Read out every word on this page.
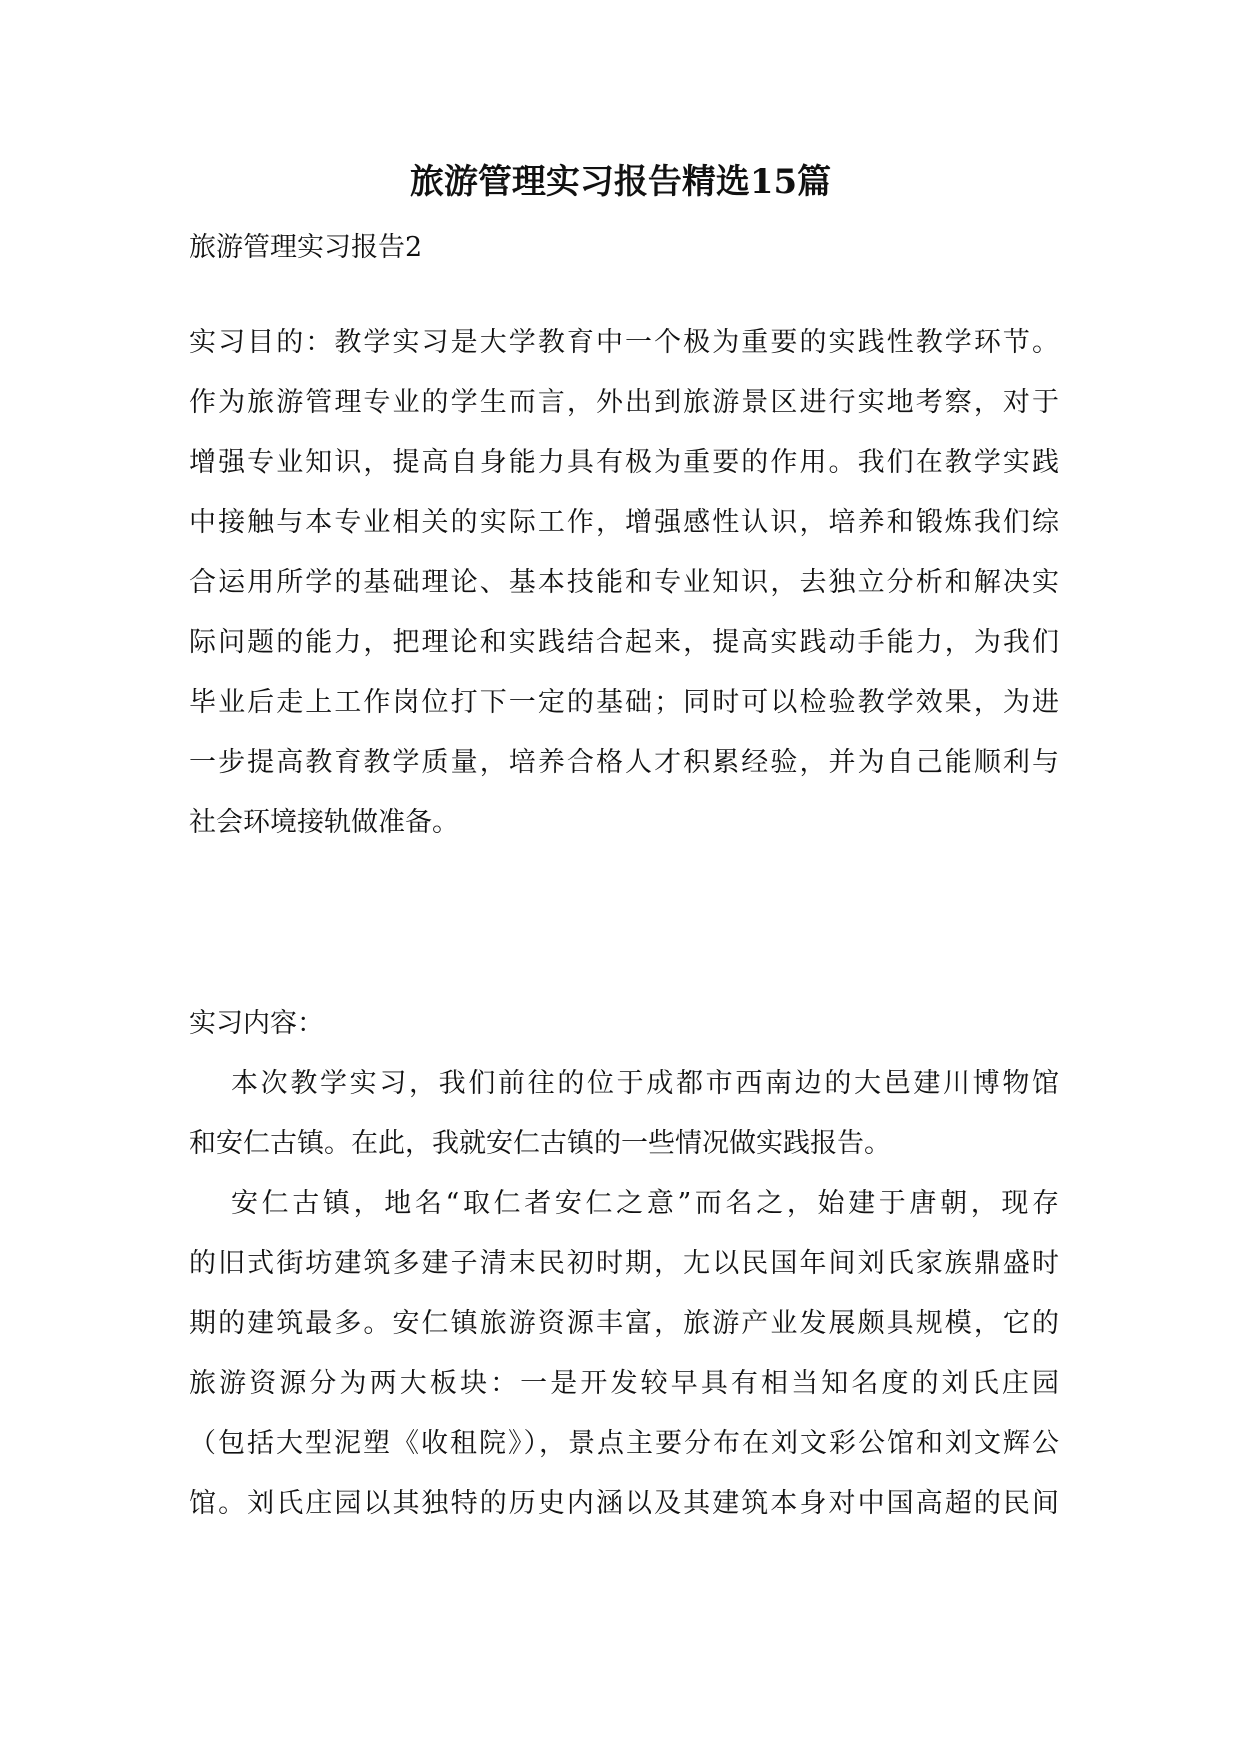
旅游管理实习报告精选15篇
旅游管理实习报告2
实习目的：教学实习是大学教育中一个极为重要的实践性教学环节。
作为旅游管理专业的学生而言，外出到旅游景区进行实地考察，对于
增强专业知识，提高自身能力具有极为重要的作用。我们在教学实践
中接触与本专业相关的实际工作，增强感性认识，培养和锻炼我们综
合运用所学的基础理论、基本技能和专业知识，去独立分析和解决实
际问题的能力，把理论和实践结合起来，提高实践动手能力，为我们
毕业后走上工作岗位打下一定的基础；同时可以检验教学效果，为进
一步提高教育教学质量，培养合格人才积累经验，并为自己能顺利与
社会环境接轨做准备。
实习内容：
本次教学实习，我们前往的位于成都市西南边的大邑建川博物馆
和安仁古镇。在此，我就安仁古镇的一些情况做实践报告。
安仁古镇，地名“取仁者安仁之意”而名之，始建于唐朝，现存
的旧式街坊建筑多建子清末民初时期，尢以民国年间刘氏家族鼎盛时
期的建筑最多。安仁镇旅游资源丰富，旅游产业发展颇具规模，它的
旅游资源分为两大板块：一是开发较早具有相当知名度的刘氏庄园
（包括大型泥塑《收租院》），景点主要分布在刘文彩公馆和刘文辉公
馆。刘氏庄园以其独特的历史内涵以及其建筑本身对中国高超的民间
